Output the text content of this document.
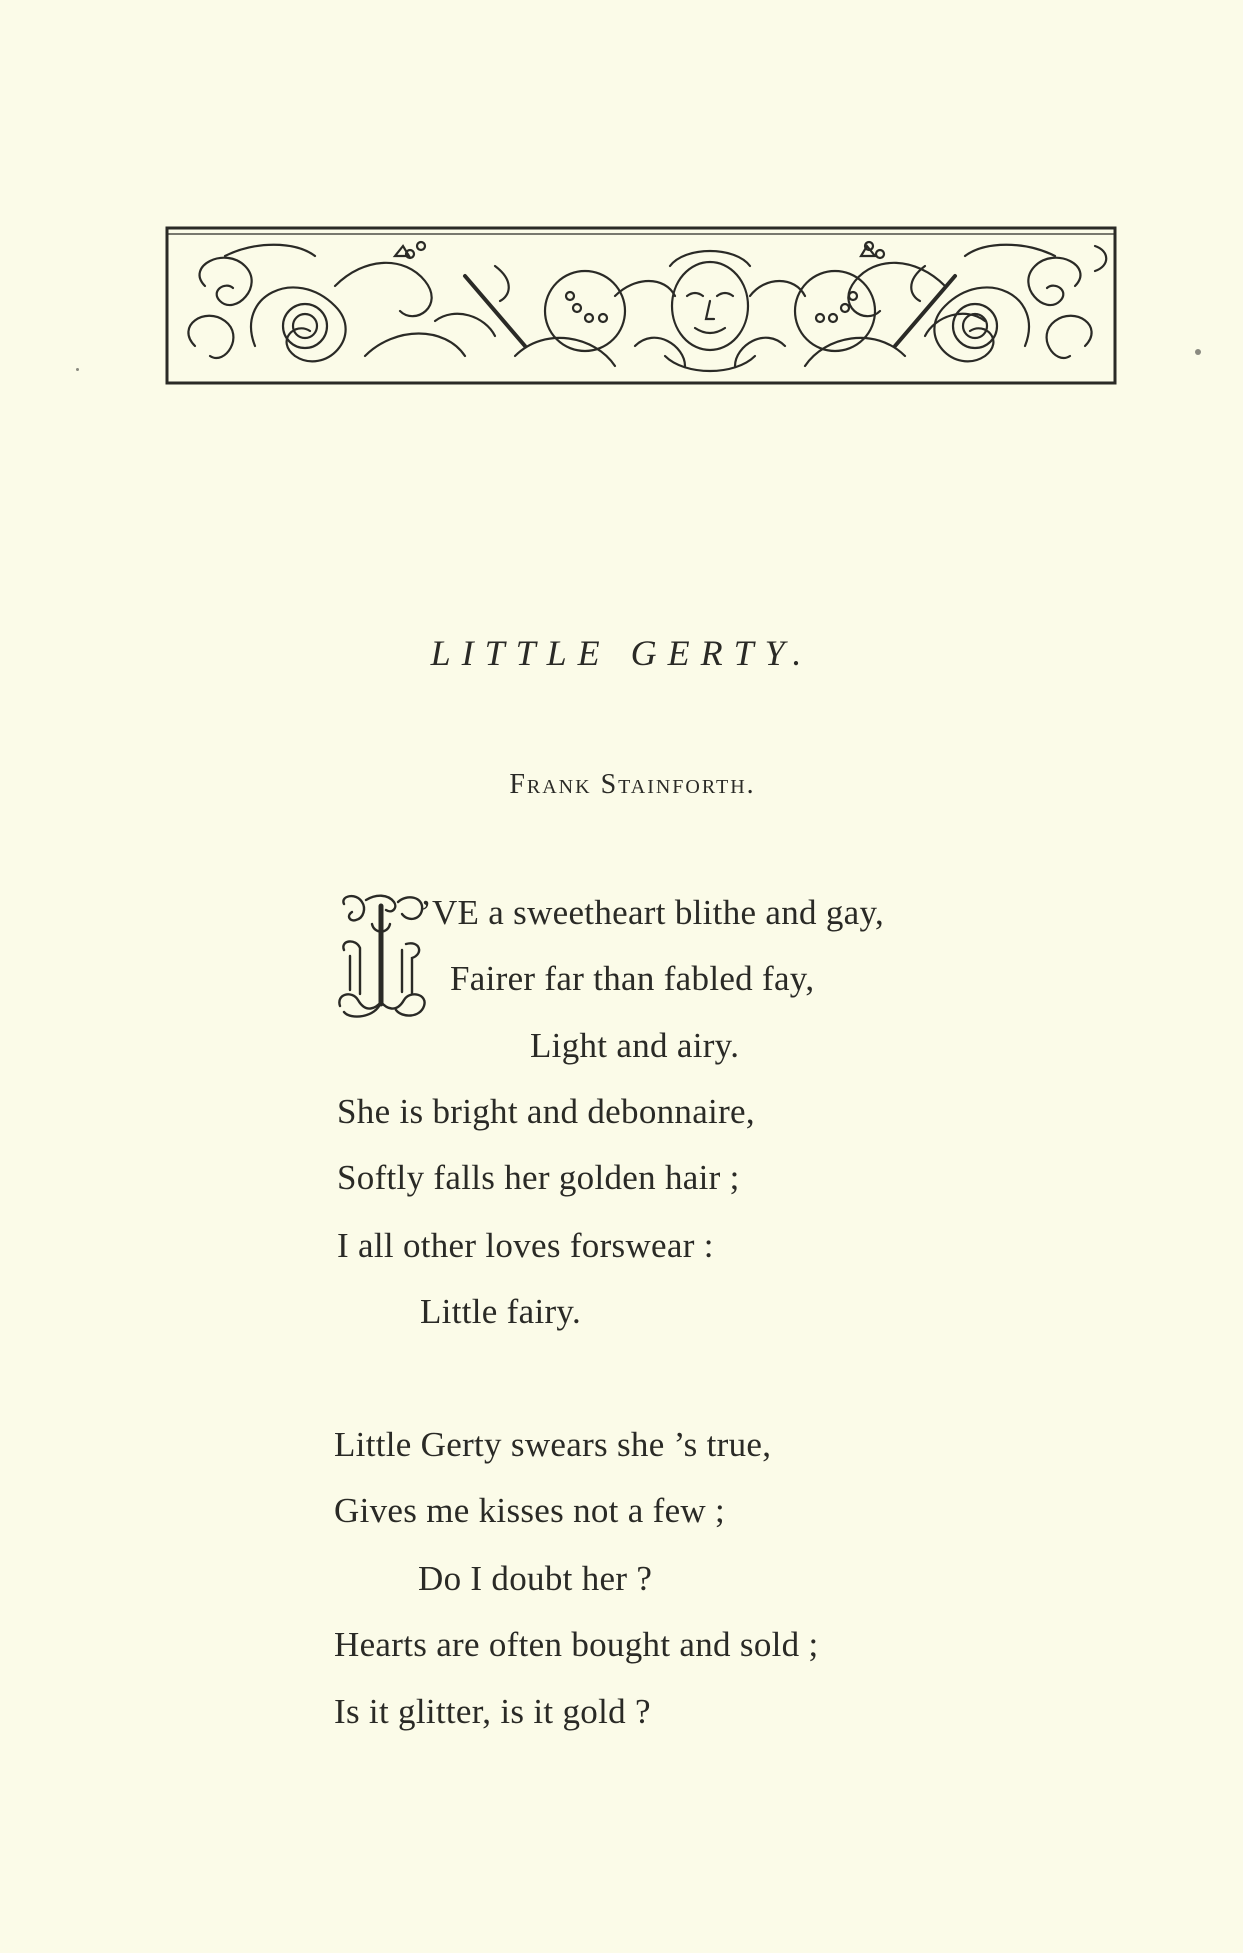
LITTLE GERTY.

Frank Stainforth.

’VE a sweetheart blithe and gay,
Fairer far than fabled fay,
Light and airy.
She is bright and debonnaire,
Softly falls her golden hair ;
I all other loves forswear :
Little fairy.
Little Gerty swears she ’s true,
Gives me kisses not a few ;
Do I doubt her ?
Hearts are often bought and sold ;
Is it glitter, is it gold ?
